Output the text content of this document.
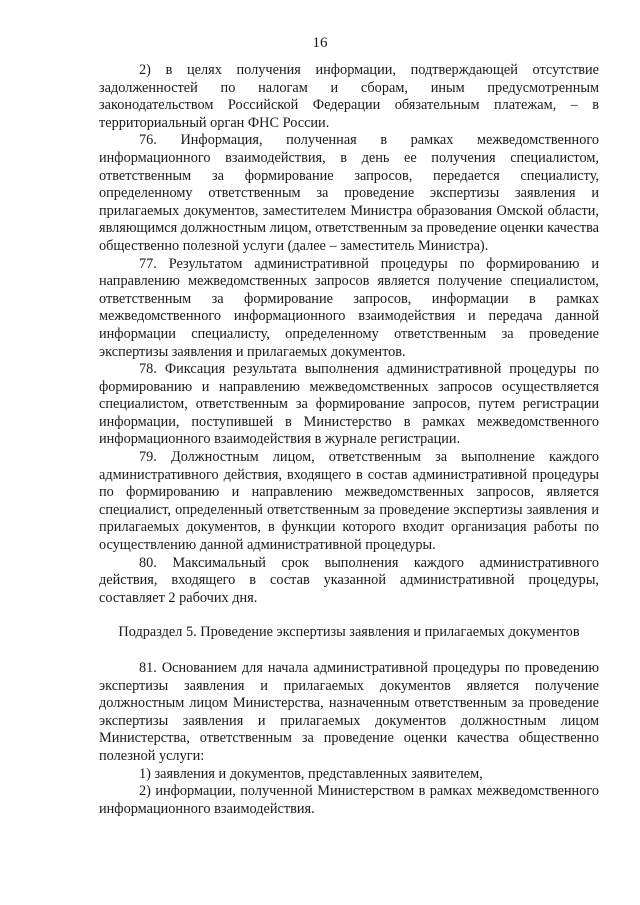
16

2) в целях получения информации, подтверждающей отсутствие задолженностей по налогам и сборам, иным предусмотренным законодательством Российской Федерации обязательным платежам, – в территориальный орган ФНС России.

76. Информация, полученная в рамках межведомственного информационного взаимодействия, в день ее получения специалистом, ответственным за формирование запросов, передается специалисту, определенному ответственным за проведение экспертизы заявления и прилагаемых документов, заместителем Министра образования Омской области, являющимся должностным лицом, ответственным за проведение оценки качества общественно полезной услуги (далее – заместитель Министра).

77. Результатом административной процедуры по формированию и направлению межведомственных запросов является получение специалистом, ответственным за формирование запросов, информации в рамках межведомственного информационного взаимодействия и передача данной информации специалисту, определенному ответственным за проведение экспертизы заявления и прилагаемых документов.

78. Фиксация результата выполнения административной процедуры по формированию и направлению межведомственных запросов осуществляется специалистом, ответственным за формирование запросов, путем регистрации информации, поступившей в Министерство в рамках межведомственного информационного взаимодействия в журнале регистрации.

79. Должностным лицом, ответственным за выполнение каждого административного действия, входящего в состав административной процедуры по формированию и направлению межведомственных запросов, является специалист, определенный ответственным за проведение экспертизы заявления и прилагаемых документов, в функции которого входит организация работы по осуществлению данной административной процедуры.

80. Максимальный срок выполнения каждого административного действия, входящего в состав указанной административной процедуры, составляет 2 рабочих дня.

Подраздел 5. Проведение экспертизы заявления и прилагаемых документов

81. Основанием для начала административной процедуры по проведению экспертизы заявления и прилагаемых документов является получение должностным лицом Министерства, назначенным ответственным за проведение экспертизы заявления и прилагаемых документов должностным лицом Министерства, ответственным за проведение оценки качества общественно полезной услуги:

1) заявления и документов, представленных заявителем,

2) информации, полученной Министерством в рамках межведомственного информационного взаимодействия.
